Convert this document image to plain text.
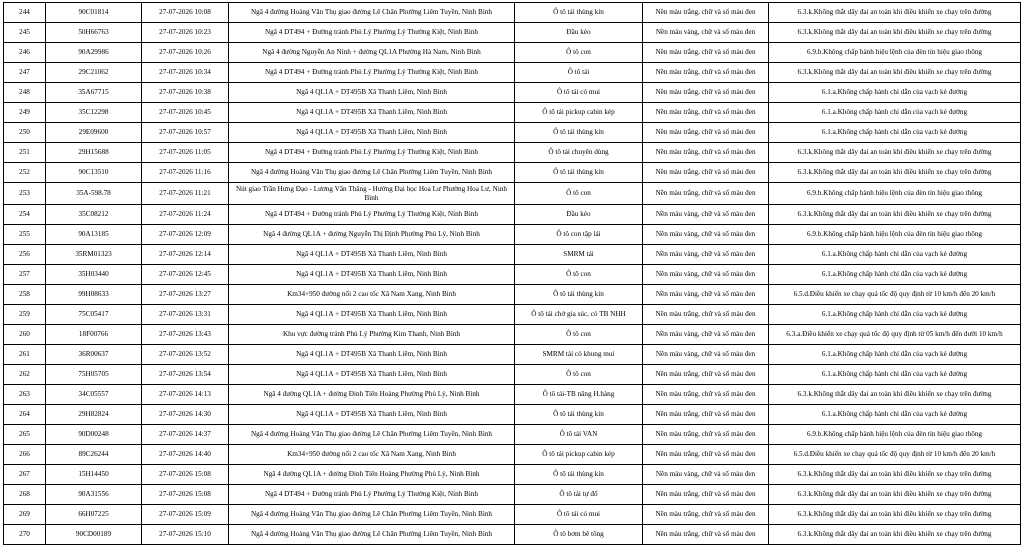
244	90C01814	27-07-2026 10:08	Ngã 4 đường Hoàng Văn Thụ giao đường Lê Chân Phường Liêm Tuyền, Ninh Bình	Ô tô tải thùng kín	Nền màu trắng, chữ và số màu đen	6.3.k.Không thắt dây đai an toàn khi điều khiển xe chạy trên đường
245	50H66763	27-07-2026 10:23	Ngã 4 DT494 + Đường tránh Phủ Lý Phường Lý Thường Kiệt, Ninh Bình	Đầu kéo	Nền màu vàng, chữ và số màu đen	6.3.k.Không thắt dây đai an toàn khi điều khiển xe chạy trên đường
246	90A29986	27-07-2026 10:26	Ngã 4 đường Nguyễn An Ninh + đường QL1A Phường Hà Nam, Ninh Bình	Ô tô con	Nền màu trắng, chữ và số màu đen	6.9.b.Không chấp hành hiệu lệnh của đèn tín hiệu giao thông
247	29C21062	27-07-2026 10:34	Ngã 4 DT494 + Đường tránh Phủ Lý Phường Lý Thường Kiệt, Ninh Bình	Ô tô tải	Nền màu trắng, chữ và số màu đen	6.3.k.Không thắt dây đai an toàn khi điều khiển xe chạy trên đường
248	35A67715	27-07-2026 10:38	Ngã 4 QL1A + DT495B Xã Thanh Liêm, Ninh Bình	Ô tô tải có mui	Nền màu trắng, chữ và số màu đen	6.1.a.Không chấp hành chỉ dẫn của vạch kẻ đường
249	35C12298	27-07-2026 10:45	Ngã 4 QL1A + DT495B Xã Thanh Liêm, Ninh Bình	Ô tô tải pickup cabin kép	Nền màu trắng, chữ và số màu đen	6.1.a.Không chấp hành chỉ dẫn của vạch kẻ đường
250	29E09600	27-07-2026 10:57	Ngã 4 QL1A + DT495B Xã Thanh Liêm, Ninh Bình	Ô tô tải thùng kín	Nền màu trắng, chữ và số màu đen	6.1.a.Không chấp hành chỉ dẫn của vạch kẻ đường
251	29H15688	27-07-2026 11:05	Ngã 4 DT494 + Đường tránh Phủ Lý Phường Lý Thường Kiệt, Ninh Bình	Ô tô tải chuyên dùng	Nền màu trắng, chữ và số màu đen	6.3.k.Không thắt dây đai an toàn khi điều khiển xe chạy trên đường
252	90C13510	27-07-2026 11:16	Ngã 4 đường Hoàng Văn Thụ giao đường Lê Chân Phường Liêm Tuyền, Ninh Bình	Ô tô tải thùng kín	Nền màu trắng, chữ và số màu đen	6.3.k.Không thắt dây đai an toàn khi điều khiển xe chạy trên đường
253	35A-598.78	27-07-2026 11:21	Nút giao Trần Hưng Đạo - Lương Văn Thăng - Hướng Đại học Hoa Lư Phường Hoa Lư, Ninh Bình	Ô tô con	Nền màu trắng, chữ và số màu đen	6.9.b.Không chấp hành hiệu lệnh của đèn tín hiệu giao thông
254	35C08212	27-07-2026 11:24	Ngã 4 DT494 + Đường tránh Phủ Lý Phường Lý Thường Kiệt, Ninh Bình	Đầu kéo	Nền màu vàng, chữ và số màu đen	6.3.k.Không thắt dây đai an toàn khi điều khiển xe chạy trên đường
255	90A13185	27-07-2026 12:09	Ngã 4 đường QL1A + đường Nguyễn Thị Định Phường Phủ Lý, Ninh Bình	Ô tô con tập lái	Nền màu vàng, chữ và số màu đen	6.9.b.Không chấp hành hiệu lệnh của đèn tín hiệu giao thông
256	35RM01323	27-07-2026 12:14	Ngã 4 QL1A + DT495B Xã Thanh Liêm, Ninh Bình	SMRM tải	Nền màu vàng, chữ và số màu đen	6.1.a.Không chấp hành chỉ dẫn của vạch kẻ đường
257	35H03440	27-07-2026 12:45	Ngã 4 QL1A + DT495B Xã Thanh Liêm, Ninh Bình	Ô tô con	Nền màu vàng, chữ và số màu đen	6.1.a.Không chấp hành chỉ dẫn của vạch kẻ đường
258	99H08633	27-07-2026 13:27	Km34+950 đường nối 2 cao tốc Xã Nam Xang, Ninh Bình	Ô tô tải thùng kín	Nền màu vàng, chữ và số màu đen	6.5.d.Điều khiển xe chạy quá tốc độ quy định từ 10 km/h đến 20 km/h
259	75C05417	27-07-2026 13:31	Ngã 4 QL1A + DT495B Xã Thanh Liêm, Ninh Bình	Ô tô tải chở gia súc, có TB NHH	Nền màu trắng, chữ và số màu đen	6.1.a.Không chấp hành chỉ dẫn của vạch kẻ đường
260	18F00766	27-07-2026 13:43	Khu vực đường tránh Phủ Lý Phường Kim Thanh, Ninh Bình	Ô tô con	Nền màu vàng, chữ và số màu đen	6.3.a.Điều khiển xe chạy quá tốc độ quy định từ 05 km/h đến dưới 10 km/h
261	36R00637	27-07-2026 13:52	Ngã 4 QL1A + DT495B Xã Thanh Liêm, Ninh Bình	SMRM tải có khung mui	Nền màu vàng, chữ và số màu đen	6.1.a.Không chấp hành chỉ dẫn của vạch kẻ đường
262	75H05705	27-07-2026 13:54	Ngã 4 QL1A + DT495B Xã Thanh Liêm, Ninh Bình	Ô tô con	Nền màu trắng, chữ và số màu đen	6.1.a.Không chấp hành chỉ dẫn của vạch kẻ đường
263	34C05557	27-07-2026 14:13	Ngã 4 đường QL1A + đường Đinh Tiên Hoàng Phường Phủ Lý, Ninh Bình	Ô tô tải-TB nâng H.hàng	Nền màu trắng, chữ và số màu đen	6.3.k.Không thắt dây đai an toàn khi điều khiển xe chạy trên đường
264	29H82824	27-07-2026 14:30	Ngã 4 QL1A + DT495B Xã Thanh Liêm, Ninh Bình	Ô tô tải thùng kín	Nền màu trắng, chữ và số màu đen	6.1.a.Không chấp hành chỉ dẫn của vạch kẻ đường
265	90D00248	27-07-2026 14:37	Ngã 4 đường Hoàng Văn Thụ giao đường Lê Chân Phường Liêm Tuyền, Ninh Bình	Ô tô tải VAN	Nền màu trắng, chữ và số màu đen	6.9.b.Không chấp hành hiệu lệnh của đèn tín hiệu giao thông
266	89C26244	27-07-2026 14:40	Km34+950 đường nối 2 cao tốc Xã Nam Xang, Ninh Bình	Ô tô tải pickup cabin kép	Nền màu trắng, chữ và số màu đen	6.5.d.Điều khiển xe chạy quá tốc độ quy định từ 10 km/h đến 20 km/h
267	15H14450	27-07-2026 15:08	Ngã 4 đường QL1A + đường Đinh Tiên Hoàng Phường Phủ Lý, Ninh Bình	Ô tô tải thùng kín	Nền màu vàng, chữ và số màu đen	6.3.k.Không thắt dây đai an toàn khi điều khiển xe chạy trên đường
268	90A31556	27-07-2026 15:08	Ngã 4 DT494 + Đường tránh Phủ Lý Phường Lý Thường Kiệt, Ninh Bình	Ô tô tải tự đổ	Nền màu trắng, chữ và số màu đen	6.3.k.Không thắt dây đai an toàn khi điều khiển xe chạy trên đường
269	66H07225	27-07-2026 15:09	Ngã 4 đường Hoàng Văn Thụ giao đường Lê Chân Phường Liêm Tuyền, Ninh Bình	Ô tô tải có mui	Nền màu trắng, chữ và số màu đen	6.3.k.Không thắt dây đai an toàn khi điều khiển xe chạy trên đường
270	90CD00189	27-07-2026 15:10	Ngã 4 đường Hoàng Văn Thụ giao đường Lê Chân Phường Liêm Tuyền, Ninh Bình	Ô tô bơm bê tông	Nền màu trắng, chữ và số màu đen	6.3.k.Không thắt dây đai an toàn khi điều khiển xe chạy trên đường
